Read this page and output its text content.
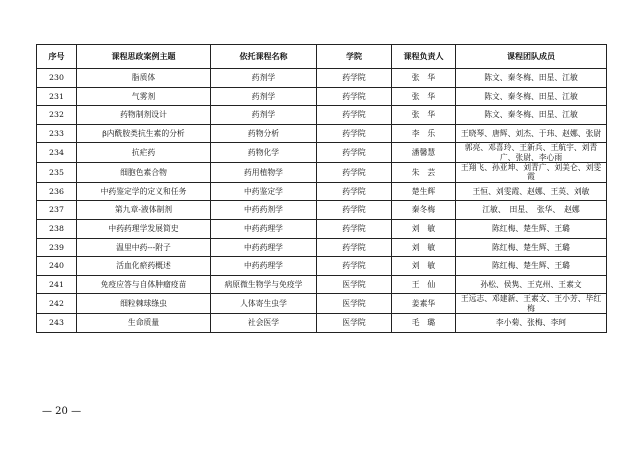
序号	课程思政案例主题	依托课程名称	学院	课程负责人	课程团队成员
230	脂质体	药剂学	药学院	张　华	陈文、秦冬梅、田星、江敏
231	气雾剂	药剂学	药学院	张　华	陈文、秦冬梅、田星、江敏
232	药物制剂设计	药剂学	药学院	张　华	陈文、秦冬梅、田星、江敏
233	β内酰胺类抗生素的分析	药物分析	药学院	李　乐	王晓琴、唐辉、刘杰、于玮、赵娜、张尉
234	抗疟药	药物化学	药学院	潘馨慧	郭亮、邓喜玲、王新兵、王航宇、刘青广、张尉、李心雨
235	细胞色素合物	药用植物学	药学院	朱　芸	王翔飞、孙亚坤、刘青广、刘美仑、刘雯霞
236	中药鉴定学的定义和任务	中药鉴定学	药学院	楚生辉	王恒、刘雯霞、赵娜、王英、刘敏
237	第九章-液体制剂	中药药剂学	药学院	秦冬梅	江敏、　田星、　张华、　赵娜
238	中药药理学发展简史	中药药理学	药学院	刘　敏	陈红梅、楚生辉、王璐
239	温里中药---附子	中药药理学	药学院	刘　敏	陈红梅、楚生辉、王璐
240	活血化瘀药概述	中药药理学	药学院	刘　敏	陈红梅、楚生辉、王璐
241	免疫应答与自体肿瘤疫苗	病原微生物学与免疫学	医学院	王　仙	孙松、侯隽、王克州、王素文
242	细粒棘球绦虫	人体寄生虫学	医学院	姜素华	王远志、邓建新、王素文、王小芳、毕红梅
243	生命质量	社会医学	医学院	毛　璐	李小菊、张梅、李珂
— 20 —
